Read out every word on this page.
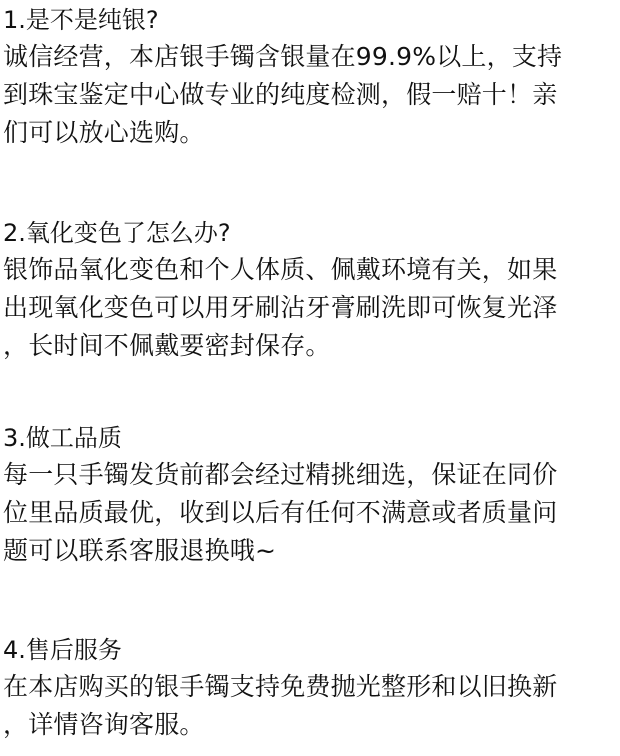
1.是不是纯银?

诚信经营，本店银手镯含银量在99.9%以上，支持
到珠宝鉴定中心做专业的纯度检测，假一赔十！亲
们可以放心选购。

2.氧化变色了怎么办?

银饰品氧化变色和个人体质、佩戴环境有关，如果
出现氧化变色可以用牙刷沾牙膏刷洗即可恢复光泽
，长时间不佩戴要密封保存。

3.做工品质

每一只手镯发货前都会经过精挑细选，保证在同价
位里品质最优，收到以后有任何不满意或者质量问
题可以联系客服退换哦~

4.售后服务

在本店购买的银手镯支持免费抛光整形和以旧换新
，详情咨询客服。
